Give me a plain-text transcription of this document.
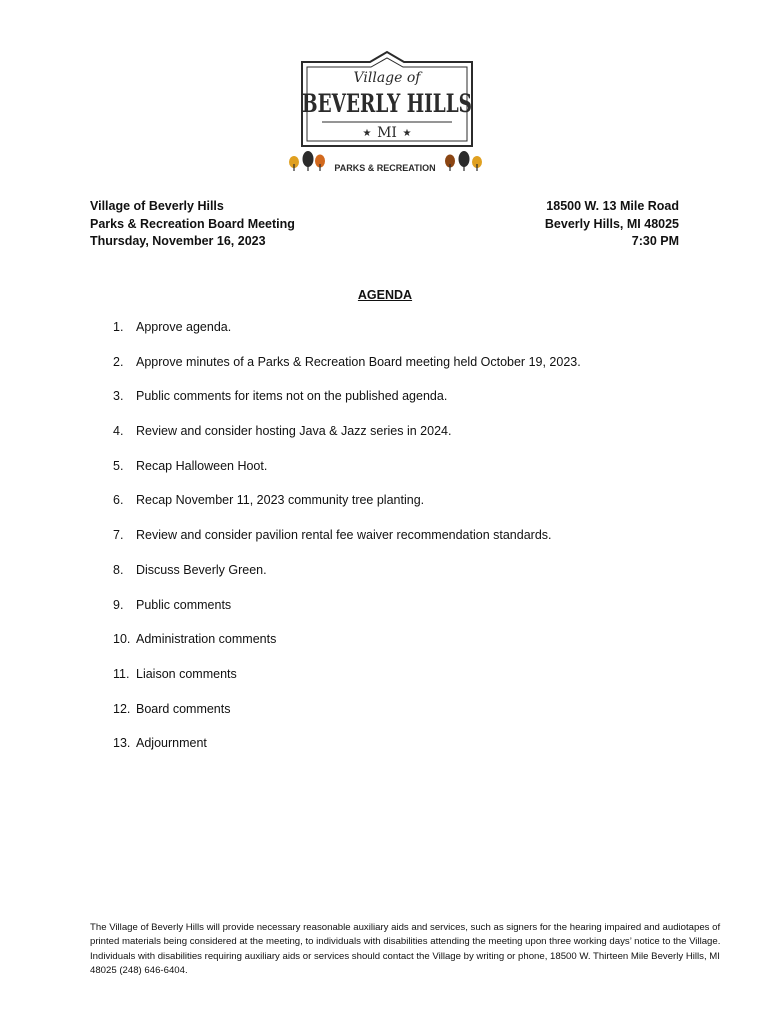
Village of
BEVERLY HILLS
MI
★	★
PARKS & RECREATION
Village of Beverly Hills
Parks & Recreation Board Meeting
Thursday, November 16, 2023
18500 W. 13 Mile Road
Beverly Hills, MI 48025
7:30 PM
AGENDA
1.	Approve agenda.
2.	Approve minutes of a Parks & Recreation Board meeting held October 19, 2023.
3.	Public comments for items not on the published agenda.
4.	Review and consider hosting Java & Jazz series in 2024.
5.	Recap Halloween Hoot.
6.	Recap November 11, 2023 community tree planting.
7.	Review and consider pavilion rental fee waiver recommendation standards.
8.	Discuss Beverly Green.
9.	Public comments
10. Administration comments
11. Liaison comments
12. Board comments
13. Adjournment
The Village of Beverly Hills will provide necessary reasonable auxiliary aids and services, such as signers for the hearing impaired and audiotapes of printed materials being considered at the meeting, to individuals with disabilities attending the meeting upon three working days’ notice to the Village. Individuals with disabilities requiring auxiliary aids or services should contact the Village by writing or phone, 18500 W. Thirteen Mile Beverly Hills, MI 48025 (248) 646-6404.
